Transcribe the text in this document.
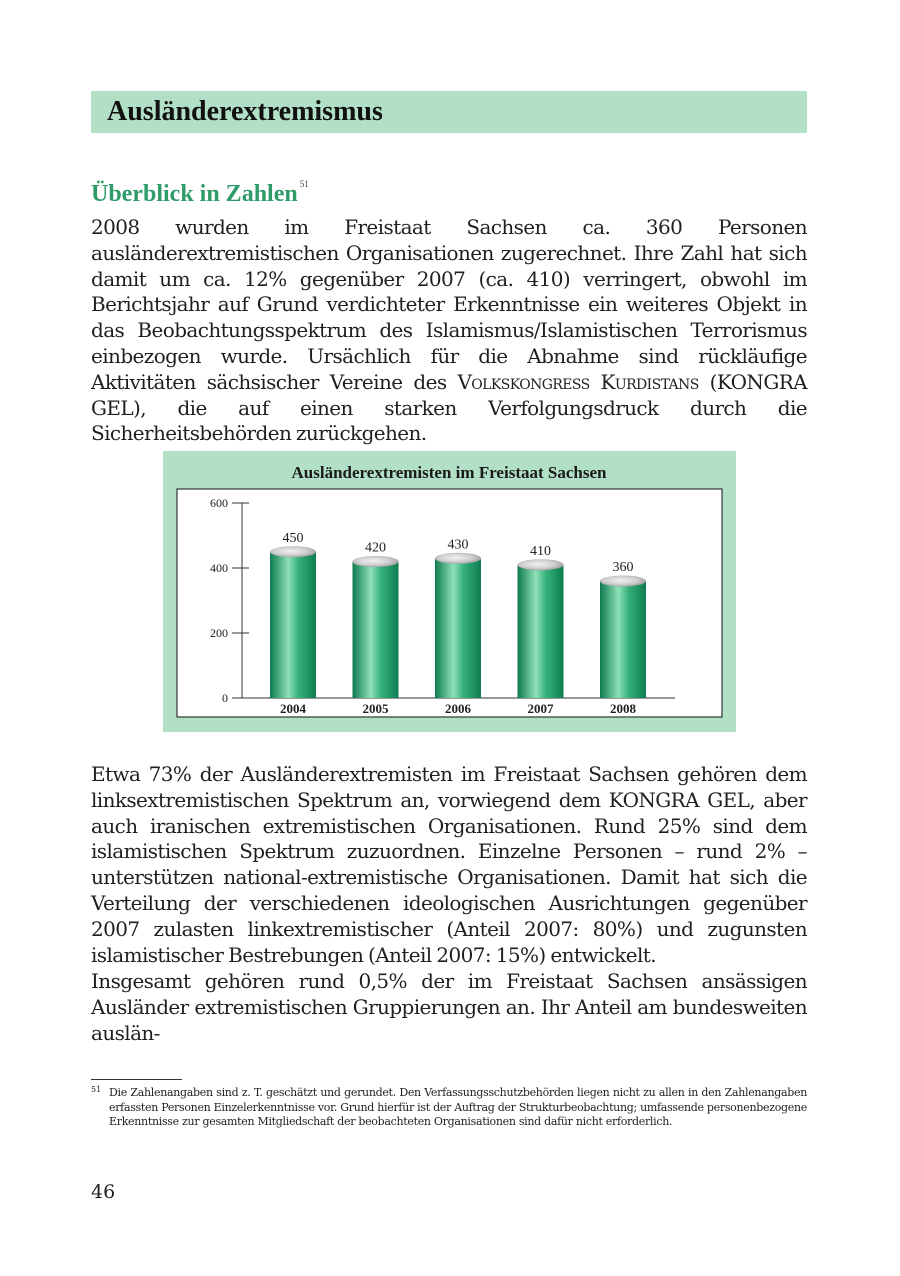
Ausländerextremismus
Überblick in Zahlen $^{51}$

2008 wurden im Freistaat Sachsen ca. 360 Personen ausländerextremistischen Organisationen zugerechnet. Ihre Zahl hat sich damit um ca. 12% gegenüber 2007 (ca. 410) verringert, obwohl im Berichtsjahr auf Grund verdichteter Erkenntnisse ein weiteres Objekt in das Beobachtungsspektrum des Islamismus/Islamistischen Terrorismus einbezogen wurde. Ursächlich für die Abnahme sind rückläufige Aktivitäten sächsischer Vereine des Volkskongress Kurdistans (KONGRA GEL), die auf einen starken Verfolgungsdruck durch die Sicherheitsbehörden zurückgehen.

Ausländerextremisten im Freistaat Sachsen
0
200
400
600
450
420	430	410
360
2004	2005	2006	2007	2008

Etwa 73% der Ausländerextremisten im Freistaat Sachsen gehören dem linksextremistischen Spektrum an, vorwiegend dem KONGRA GEL, aber auch iranischen extremistischen Organisationen. Rund 25% sind dem islamistischen Spektrum zuzuordnen. Einzelne Personen – rund 2% – unterstützen national-extremistische Organisationen. Damit hat sich die Verteilung der verschiedenen ideologischen Ausrichtungen gegenüber 2007 zulasten linkextremistischer (Anteil 2007: 80%) und zugunsten islamistischer Bestrebungen (Anteil 2007: 15%) entwickelt.

Insgesamt gehören rund 0,5% der im Freistaat Sachsen ansässigen Ausländer extremistischen Gruppierungen an. Ihr Anteil am bundesweiten auslän-

51 Die Zahlenangaben sind z. T. geschätzt und gerundet. Den Verfassungsschutzbehörden liegen nicht zu allen in den Zahlenangaben erfassten Personen Einzelerkenntnisse vor. Grund hierfür ist der Auftrag der Strukturbeobachtung; umfassende personenbezogene Erkenntnisse zur gesamten Mitgliedschaft der beobachteten Organisationen sind dafür nicht erforderlich.

46
